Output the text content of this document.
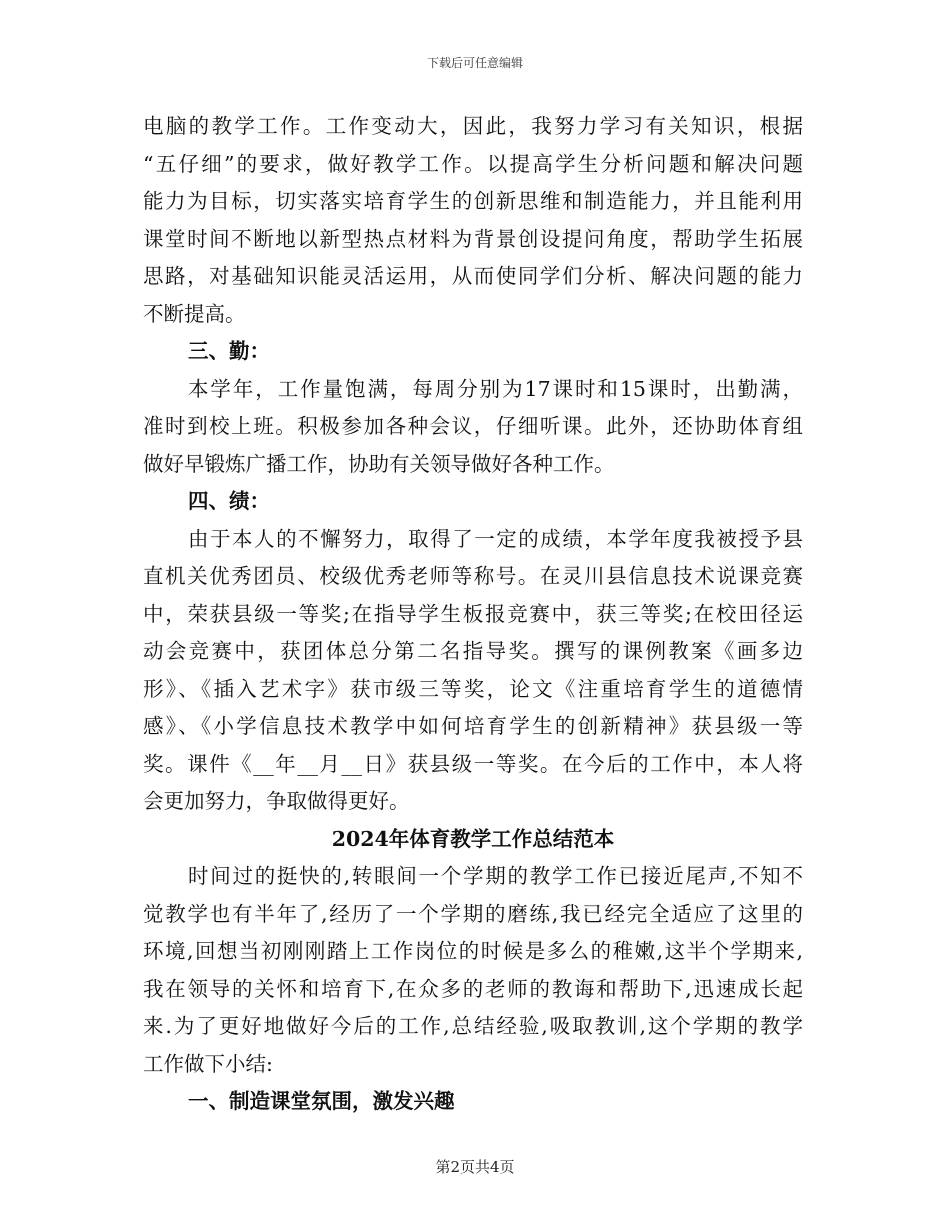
下载后可任意编辑
电脑的教学工作。工作变动大，因此，我努力学习有关知识，根据
“五仔细”的要求，做好教学工作。以提高学生分析问题和解决问题
能力为目标，切实落实培育学生的创新思维和制造能力，并且能利用
课堂时间不断地以新型热点材料为背景创设提问角度，帮助学生拓展
思路，对基础知识能灵活运用，从而使同学们分析、解决问题的能力
不断提高。
三、勤：
本学年，工作量饱满，每周分别为17课时和15课时，出勤满，
准时到校上班。积极参加各种会议，仔细听课。此外，还协助体育组
做好早锻炼广播工作，协助有关领导做好各种工作。
四、绩：
由于本人的不懈努力，取得了一定的成绩，本学年度我被授予县
直机关优秀团员、校级优秀老师等称号。在灵川县信息技术说课竞赛
中，荣获县级一等奖;在指导学生板报竞赛中，获三等奖;在校田径运
动会竞赛中，获团体总分第二名指导奖。撰写的课例教案《画多边
形》、《插入艺术字》获市级三等奖，论文《注重培育学生的道德情
感》、《小学信息技术教学中如何培育学生的创新精神》获县级一等
奖。课件《__年__月__日》获县级一等奖。在今后的工作中，本人将
会更加努力，争取做得更好。
2024年体育教学工作总结范本
时间过的挺快的,转眼间一个学期的教学工作已接近尾声,不知不
觉教学也有半年了,经历了一个学期的磨练,我已经完全适应了这里的
环境,回想当初刚刚踏上工作岗位的时候是多么的稚嫩,这半个学期来,
我在领导的关怀和培育下,在众多的老师的教诲和帮助下,迅速成长起
来.为了更好地做好今后的工作,总结经验,吸取教训,这个学期的教学
工作做下小结:
一、制造课堂氛围，激发兴趣
第2页共4页
